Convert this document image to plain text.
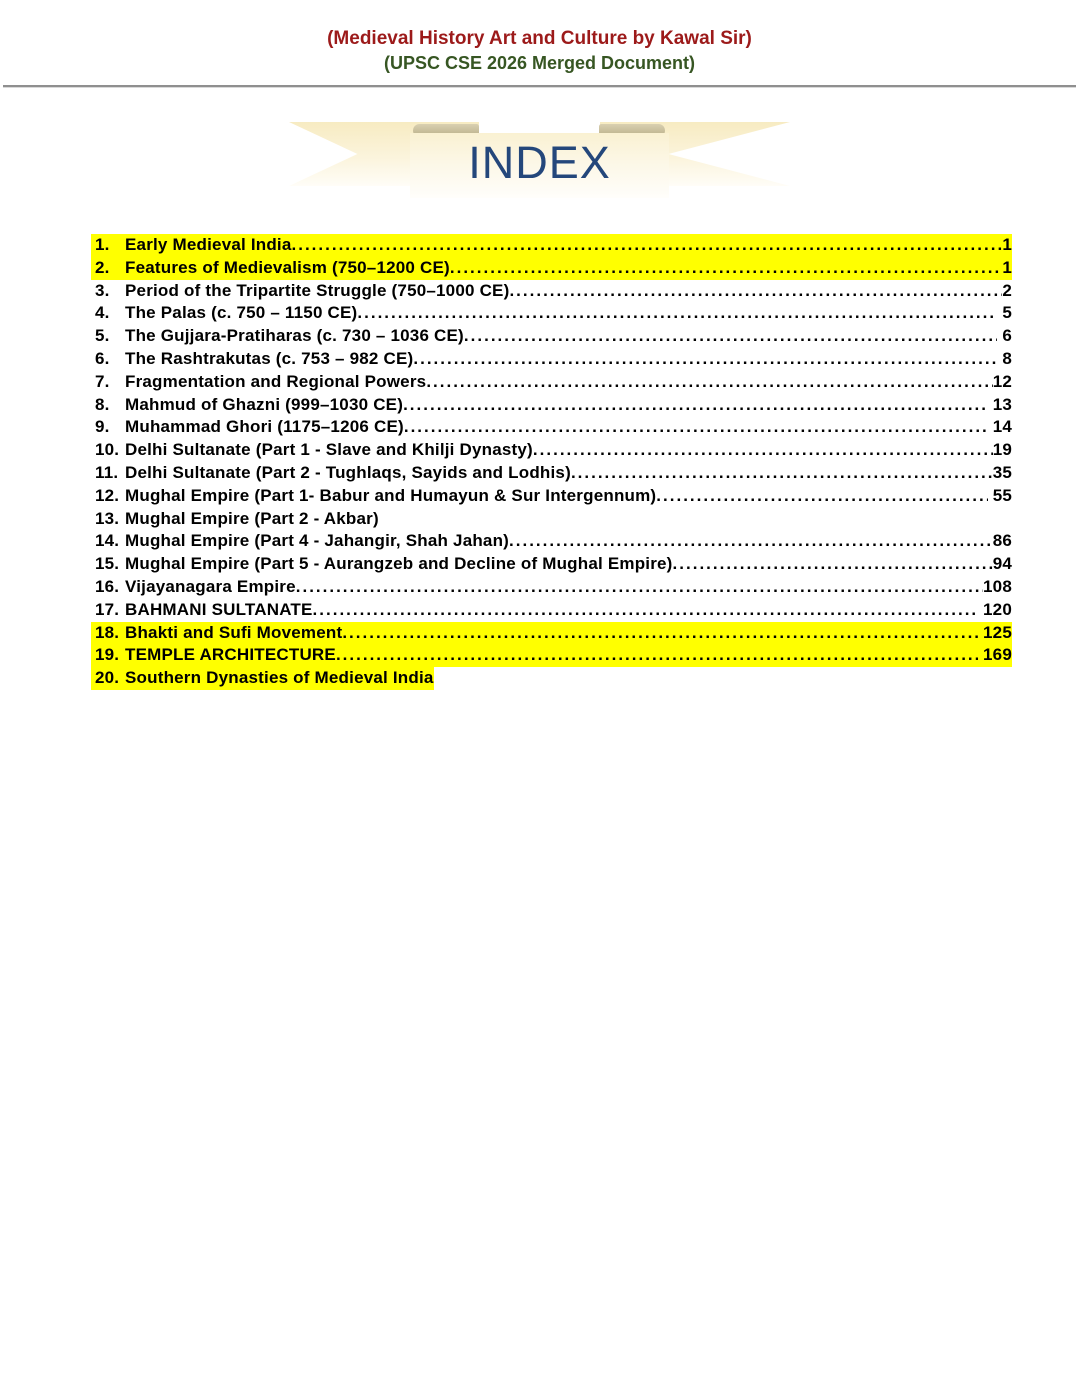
(Medieval History Art and Culture by Kawal Sir)
(UPSC CSE 2026 Merged Document)
INDEX
1. Early Medieval India .....	1
2. Features of Medievalism (750–1200 CE) .....	1
3. Period of the Tripartite Struggle (750–1000 CE) .....	2
4. The Palas (c. 750 – 1150 CE) .....	5
5. The Gujjara-Pratiharas (c. 730 – 1036 CE) .....	6
6. The Rashtrakutas (c. 753 – 982 CE) .....	8
7. Fragmentation and Regional Powers .....	12
8. Mahmud of Ghazni (999–1030 CE) .....	13
9. Muhammad Ghori (1175–1206 CE) .....	14
10. Delhi Sultanate (Part 1 - Slave and Khilji Dynasty) .....	19
11. Delhi Sultanate (Part 2 - Tughlaqs, Sayids and Lodhis) .....	35
12. Mughal Empire (Part 1- Babur and Humayun & Sur Intergennum) .....	55
13. Mughal Empire (Part 2 - Akbar)
14. Mughal Empire (Part 4 - Jahangir, Shah Jahan) .....	86
15. Mughal Empire (Part 5 - Aurangzeb and Decline of Mughal Empire) .....	94
16. Vijayanagara Empire .....	108
17. BAHMANI SULTANATE .....	120
18. Bhakti and Sufi Movement .....	125
19. TEMPLE ARCHITECTURE .....	169
20. Southern Dynasties of Medieval India
